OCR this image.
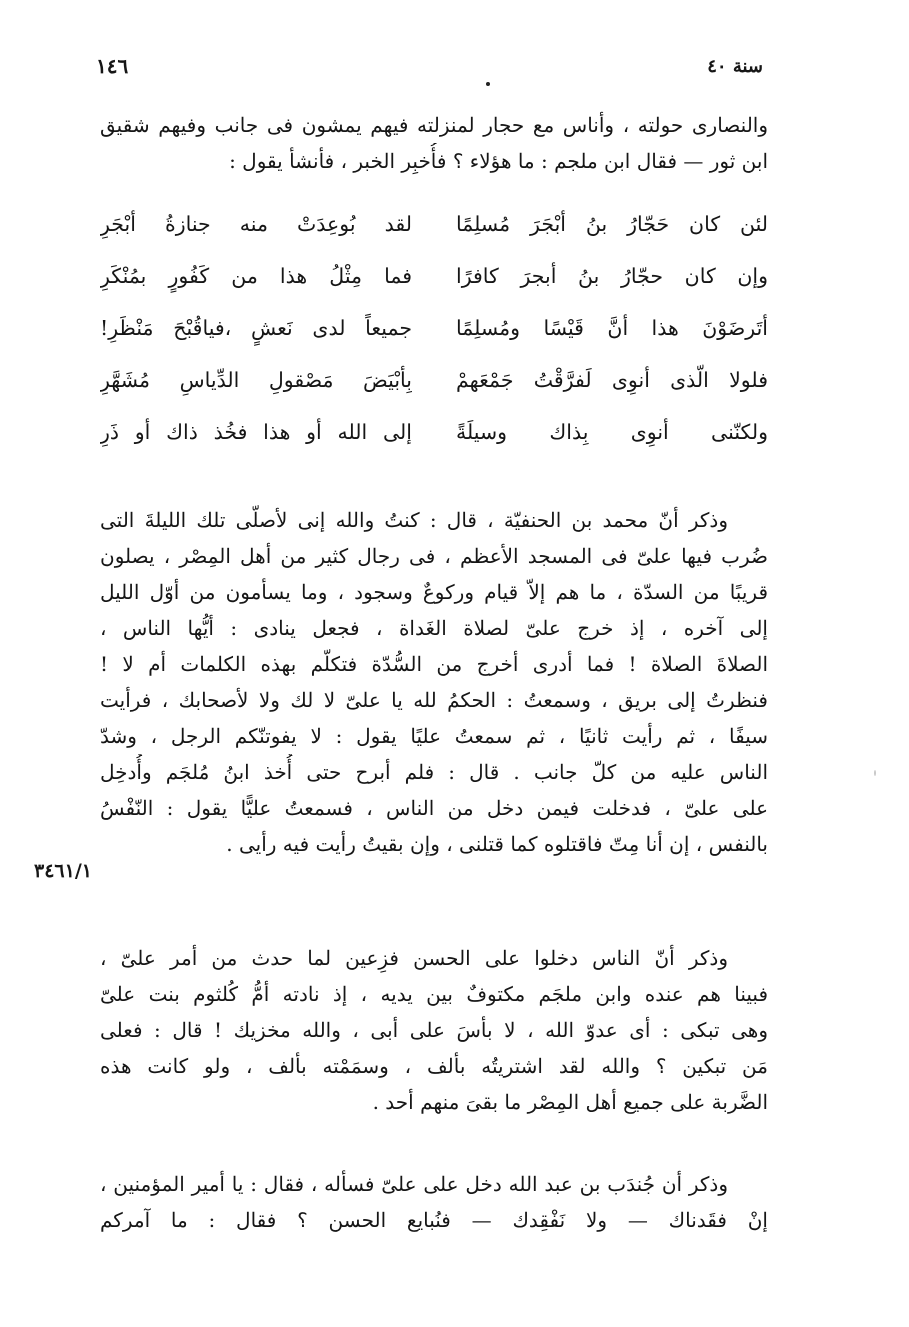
١٤٦	سنة ٤٠
والنصارى حولته ، وأناس مع حجار لمنزلته فيهم يمشون فى جانب وفيهم شقيق
ابن ثور — فقال ابن ملجم : ما هؤلاء ؟ فأُخبِر الخبر ، فأنشأ يقول :
لئن كان حَجّارُ بنُ أبْجَرَ مُسلِمًا
لقد بُوعِدَتْ منه جنازةُ أبْجَرِ
وإن كان حجّارُ بنُ أبجرَ كافرًا
فما مِثْلُ هذا من كَفُورٍ بمُنْكَرِ
أتَرضَوْنَ هذا أنَّ قَيْسًا ومُسلِمًا
جميعاً لدى نَعشٍ ،فياقُبْحَ مَنْظَرِ!
فلولا الّذى أنوِى لَفرَّقْتُ جَمْعَهمْ
بِأبْيَضَ مَصْقولِ الدِّياسِ مُشَهَّرِ
ولكنّنى أنوِى بِذاك وسيلَةً
إلى الله أو هذا فخُذ ذاك أو ذَرِ
وذكر أنّ محمد بن الحنفيّة ، قال : كنتُ والله إنى لأصلّى تلك الليلةَ التى
ضُرب فيها علىّ فى المسجد الأعظم ، فى رجال كثير من أهل المِصْر ، يصلون
قريبًا من السدّة ، ما هم إلاّ قيام وركوعٌ وسجود ، وما يسأمون من أوّل الليل
إلى آخره ، إذ خرج علىّ لصلاة الغَداة ، فجعل ينادى : أيُّها الناس ،
الصلاةَ الصلاة ! فما أدرى أخرج من السُّدّة فتكلّم بهذه الكلمات أم لا !
فنظرتُ إلى بريق ، وسمعتُ : الحكمُ لله يا علىّ لا لك ولا لأصحابك ، فرأيت
سيفًا ، ثم رأيت ثانيًا ، ثم سمعتُ عليًا يقول : لا يفوتنّكم الرجل ، وشدّ
الناس عليه من كلّ جانب . قال : فلم أبرح حتى أُخذ ابنُ مُلجَم وأُدخِل
على علىّ ، فدخلت فيمن دخل من الناس ، فسمعتُ عليًّا يقول : النّفْسُ
بالنفس ، إن أنا مِتّ فاقتلوه كما قتلنى ، وإن بقيتُ رأيت فيه رأيى .
وذكر أنّ الناس دخلوا على الحسن فزِعين لما حدث من أمر علىّ ،
فبينا هم عنده وابن ملجَم مكتوفٌ بين يديه ، إذ نادته أمُّ كُلثوم بنت علىّ
وهى تبكى : أى عدوّ الله ، لا بأسَ على أبى ، والله مخزيك ! قال : فعلى
مَن تبكين ؟ والله لقد اشتريتُه بألف ، وسمَمْته بألف ، ولو كانت هذه
الضَّربة على جميع أهل المِصْر ما بقىَ منهم أحد .
وذكر أن جُندَب بن عبد الله دخل على علىّ فسأله ، فقال : يا أمير المؤمنين ،
إنْ فقَدناك — ولا نَفْقِدك — فنُبايع الحسن ؟ فقال : ما آمركم
٣٤٦١/١
